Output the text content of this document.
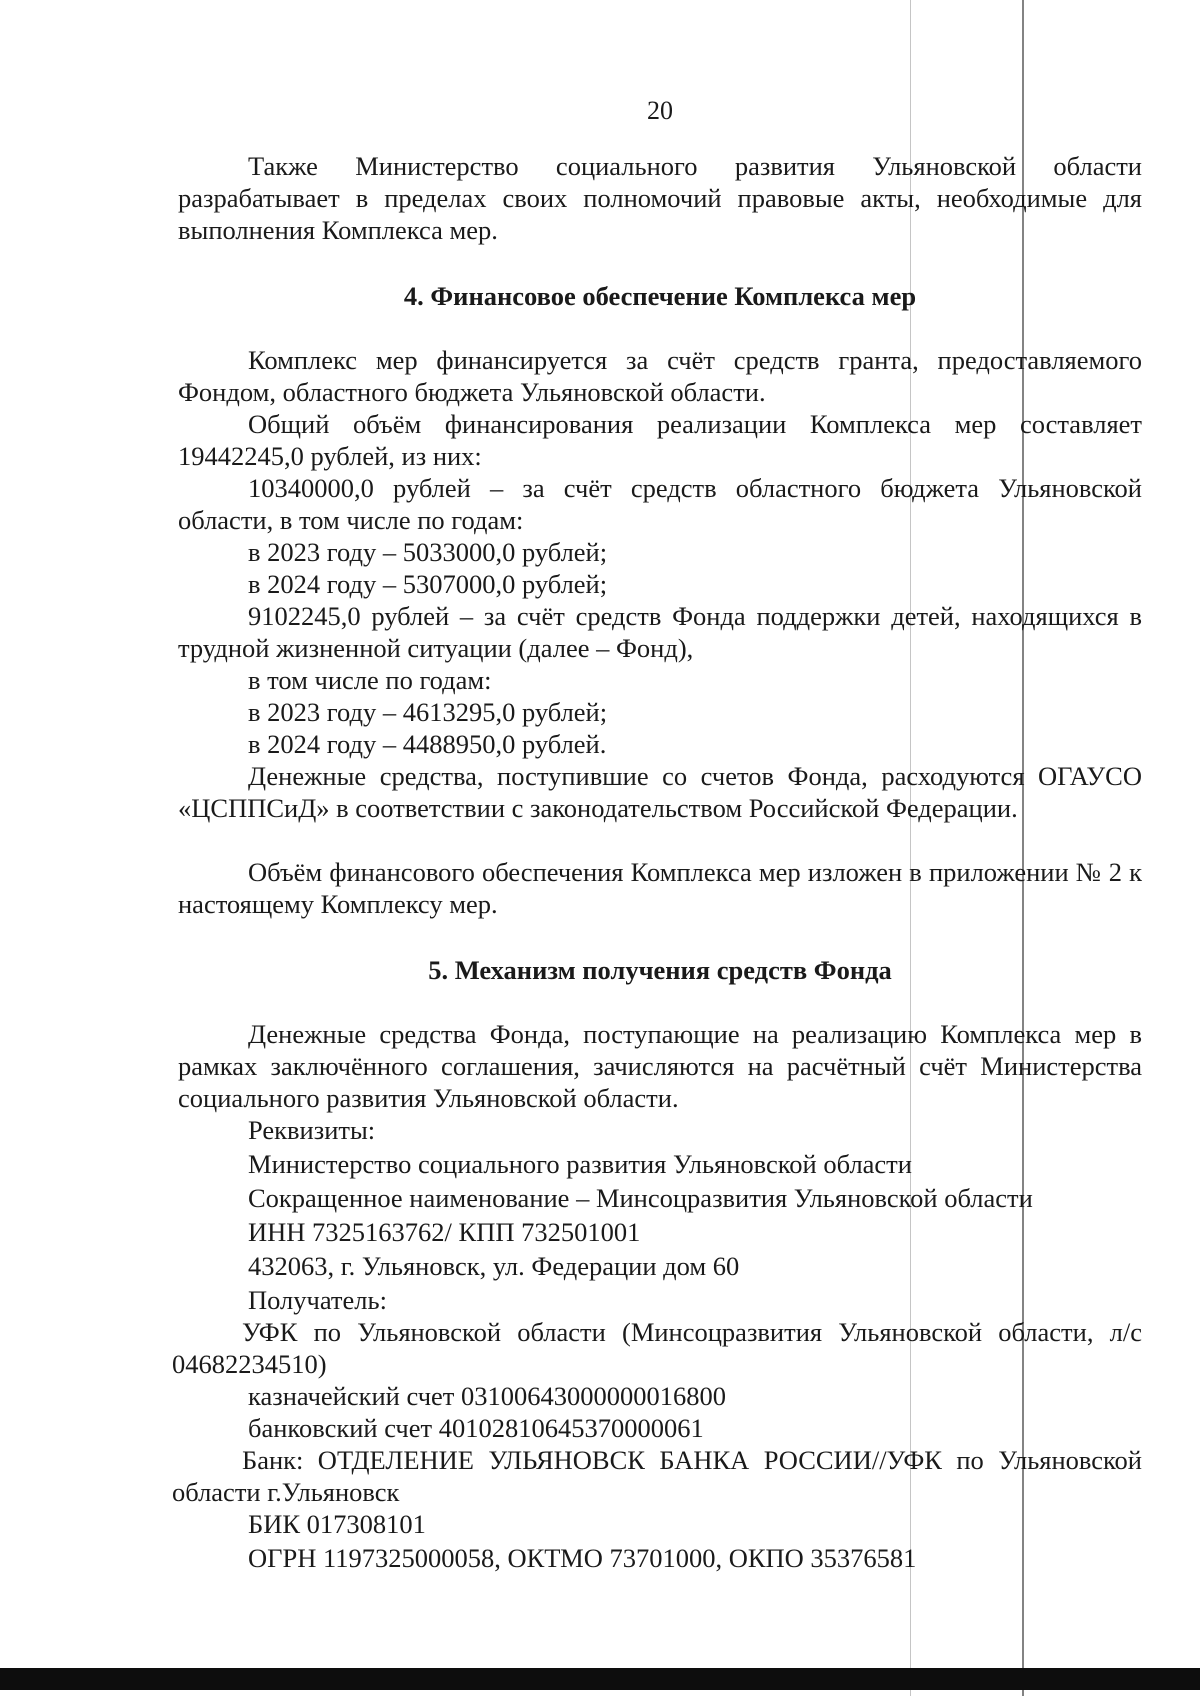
20

Также Министерство социального развития Ульяновской области разрабатывает в пределах своих полномочий правовые акты, необходимые для выполнения Комплекса мер.

4. Финансовое обеспечение Комплекса мер

Комплекс мер финансируется за счёт средств гранта, предоставляемого Фондом, областного бюджета Ульяновской области.

Общий объём финансирования реализации Комплекса мер составляет 19442245,0 рублей, из них:

10340000,0 рублей – за счёт средств областного бюджета Ульяновской области, в том числе по годам:

в 2023 году – 5033000,0 рублей;
в 2024 году – 5307000,0 рублей;

9102245,0 рублей – за счёт средств Фонда поддержки детей, находящихся в трудной жизненной ситуации (далее – Фонд),

в том числе по годам:
в 2023 году – 4613295,0 рублей;
в 2024 году – 4488950,0 рублей.

Денежные средства, поступившие со счетов Фонда, расходуются ОГАУСО «ЦСППСиД» в соответствии с законодательством Российской Федерации.

Объём финансового обеспечения Комплекса мер изложен в приложении № 2 к настоящему Комплексу мер.

5. Механизм получения средств Фонда

Денежные средства Фонда, поступающие на реализацию Комплекса мер в рамках заключённого соглашения, зачисляются на расчётный счёт Министерства социального развития Ульяновской области.

Реквизиты:
Министерство социального развития Ульяновской области
Сокращенное наименование – Минсоцразвития Ульяновской области
ИНН 7325163762/ КПП 732501001
432063, г. Ульяновск, ул. Федерации дом 60
Получатель:

УФК по Ульяновской области (Минсоцразвития Ульяновской области, л/с 04682234510)

казначейский счет 03100643000000016800
банковский счет 40102810645370000061

Банк: ОТДЕЛЕНИЕ УЛЬЯНОВСК БАНКА РОССИИ//УФК по Ульяновской области г.Ульяновск

БИК 017308101
ОГРН 1197325000058, ОКТМО 73701000, ОКПО 35376581
